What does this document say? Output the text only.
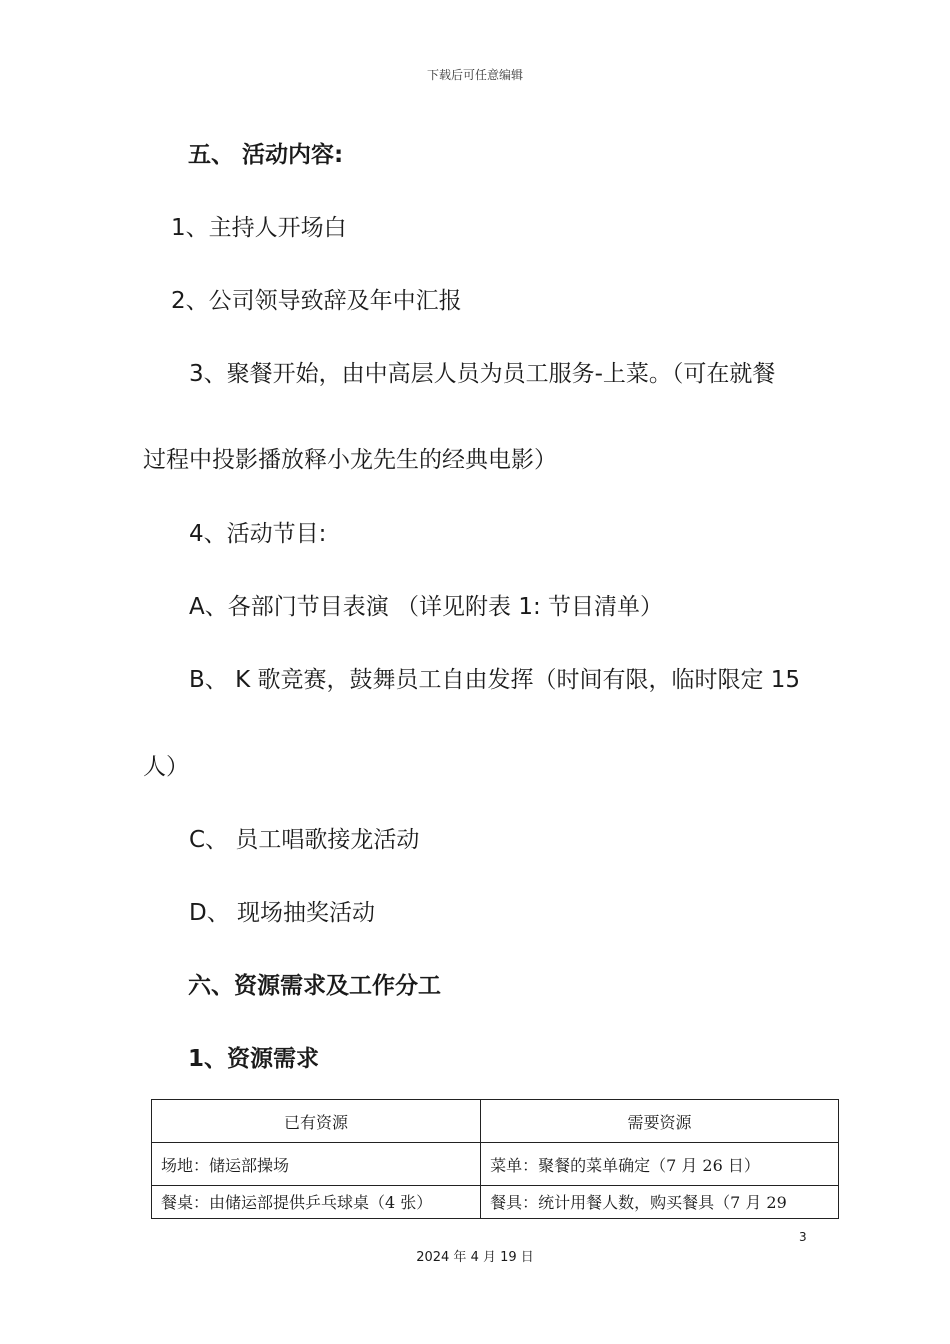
下载后可任意编辑
五、 活动内容:
1、主持人开场白
2、公司领导致辞及年中汇报
3、聚餐开始，由中高层人员为员工服务-上菜。（可在就餐
过程中投影播放释小龙先生的经典电影）
4、活动节目:
A、各部门节目表演 （详见附表 1: 节目清单）
B、 K 歌竞赛，鼓舞员工自由发挥（时间有限，临时限定 15
人）
C、 员工唱歌接龙活动
D、 现场抽奖活动
六、资源需求及工作分工
1、资源需求
已有资源	需要资源
场地：储运部操场	菜单：聚餐的菜单确定（7 月 26 日）
餐桌：由储运部提供乒乓球桌（4 张）	餐具：统计用餐人数，购买餐具（7 月 29
3
2024 年 4 月 19 日
